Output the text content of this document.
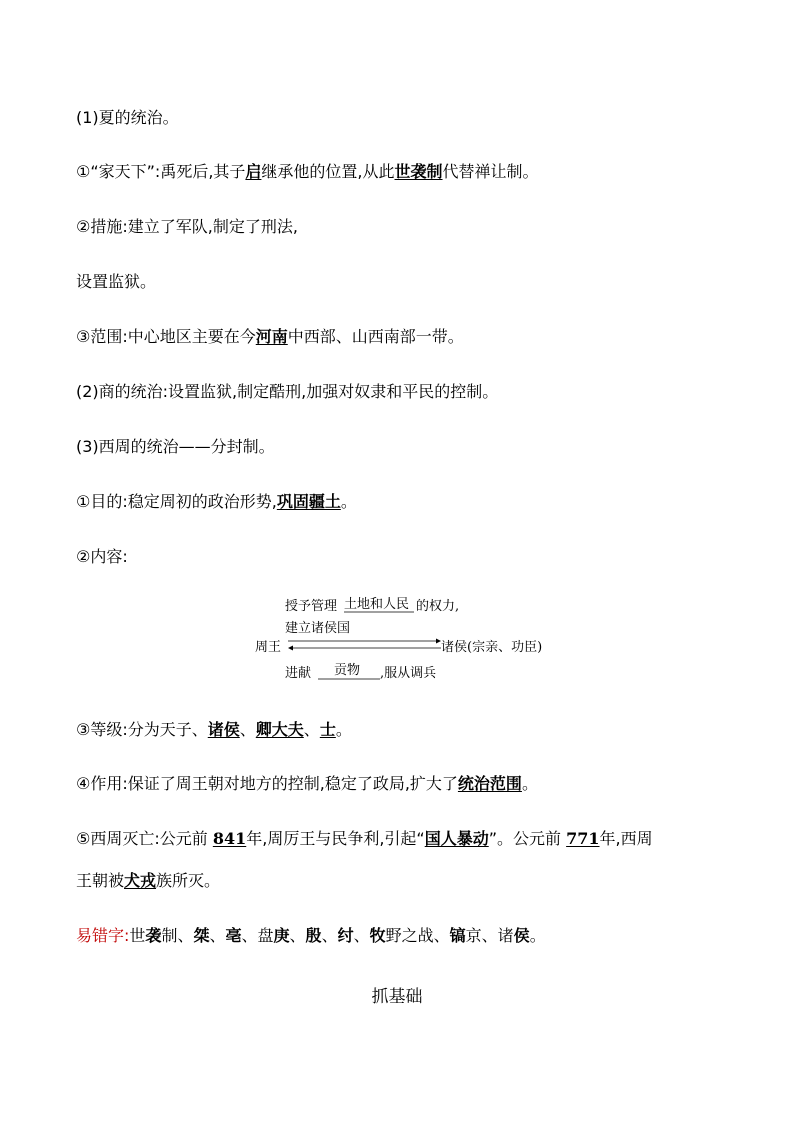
(1)夏的统治。
①“家天下”:禹死后,其子启继承他的位置,从此世袭制代替禅让制。
②措施:建立了军队,制定了刑法,
设置监狱。
③范围:中心地区主要在今河南中西部、山西南部一带。
(2)商的统治:设置监狱,制定酷刑,加强对奴隶和平民的控制。
(3)西周的统治——分封制。
①目的:稳定周初的政治形势,巩固疆土。
②内容:
授予管理 土地和人民 的权力,
建立诸侯国
周王	诸侯(宗亲、功臣)
进献 贡物 ,服从调兵
③等级:分为天子、诸侯、卿大夫、士。
④作用:保证了周王朝对地方的控制,稳定了政局,扩大了统治范围。
⑤西周灭亡:公元前 841年,周厉王与民争利,引起“国人暴动”。公元前 771年,西周
王朝被犬戎族所灭。
易错字:世袭制、桀、亳、盘庚、殷、纣、牧野之战、镐京、诸侯。
抓基础
